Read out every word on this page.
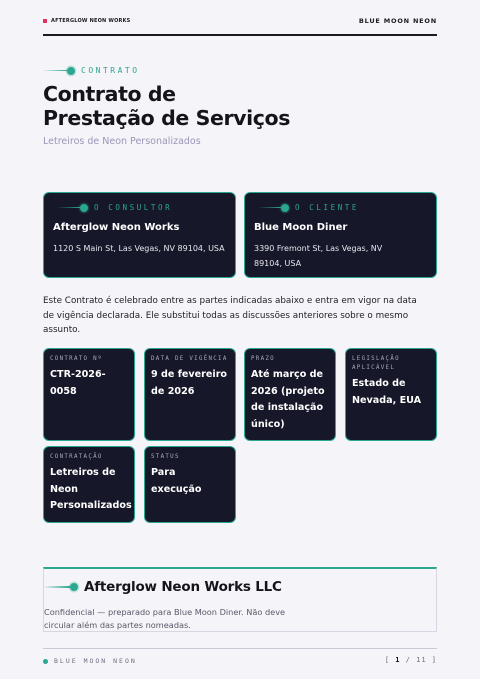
AFTERGLOW NEON WORKS	BLUE MOON NEON
CONTRATO
Contrato de
Prestação de Serviços
Letreiros de Neon Personalizados
O CONSULTOR
Afterglow Neon Works
1120 S Main St, Las Vegas, NV 89104, USA
O CLIENTE
Blue Moon Diner
3390 Fremont St, Las Vegas, NV
89104, USA

Este Contrato é celebrado entre as partes indicadas abaixo e entra em vigor na data de vigência declarada. Ele substitui todas as discussões anteriores sobre o mesmo assunto.

CONTRATO Nº
CTR-2026-0058
DATA DE VIGÊNCIA
9 de fevereiro de 2026
PRAZO
Até março de 2026 (projeto de instalação único)
LEGISLAÇÃO APLICÁVEL
Estado de Nevada, EUA
CONTRATAÇÃO
Letreiros de Neon Personalizados
STATUS
Para execução
Afterglow Neon Works LLC

Confidencial — preparado para Blue Moon Diner. Não deve circular além das partes nomeadas.

BLUE MOON NEON	[ 1 / 11 ]
